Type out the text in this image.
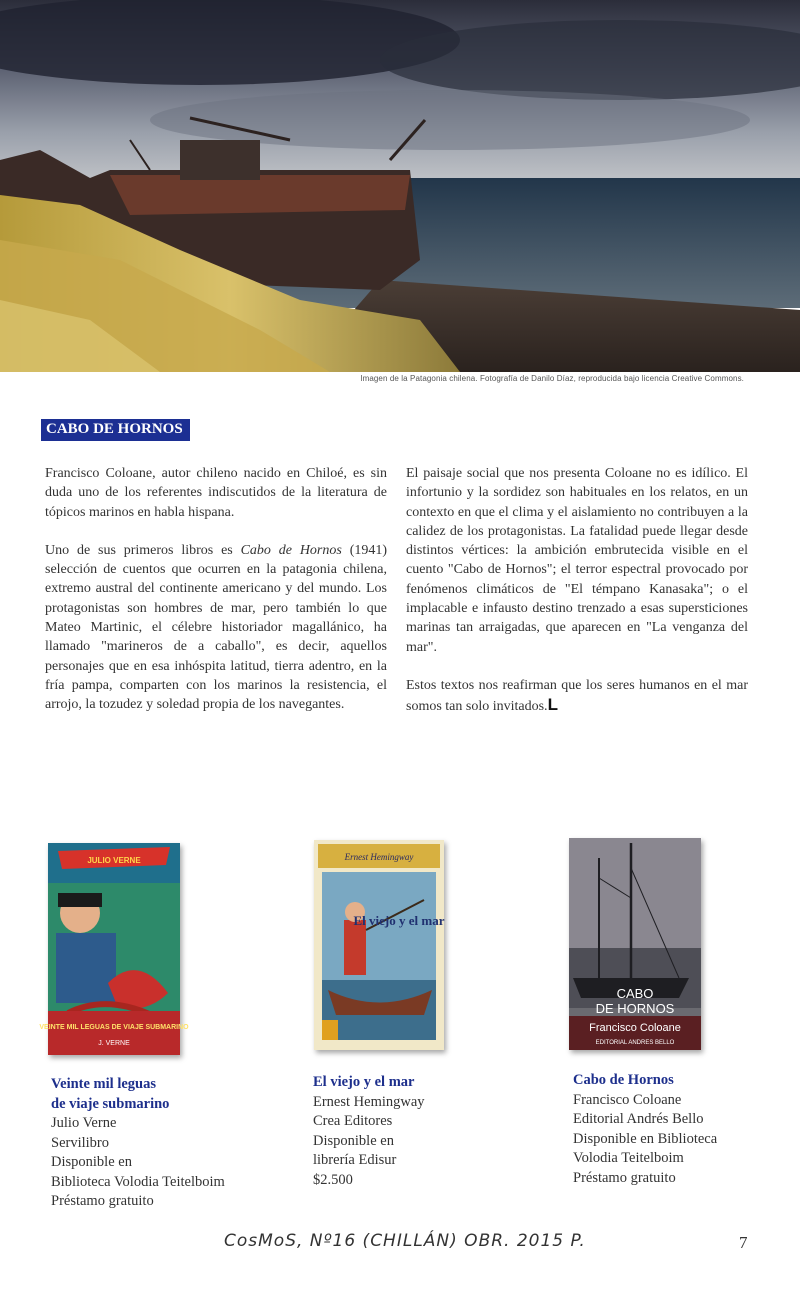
Imagen de la Patagonia chilena. Fotografía de Danilo Díaz, reproducida bajo licencia Creative Commons.
CABO DE HORNOS

Francisco Coloane, autor chileno nacido en Chiloé, es sin duda uno de los referentes indiscutidos de la literatura de tópicos marinos en habla hispana.

Uno de sus primeros libros es Cabo de Hornos (1941) selección de cuentos que ocurren en la patagonia chilena, extremo austral del continente americano y del mundo. Los protagonistas son hombres de mar, pero también lo que Mateo Martinic, el célebre historiador magallánico, ha llamado "marineros de a caballo", es decir, aquellos personajes que en esa inhóspita latitud, tierra adentro, en la fría pampa, comparten con los marinos la resistencia, el arrojo, la tozudez y soledad propia de los navegantes.

El paisaje social que nos presenta Coloane no es idílico. El infortunio y la sordidez son habituales en los relatos, en un contexto en que el clima y el aislamiento no contribuyen a la calidez de los protagonistas. La fatalidad puede llegar desde distintos vértices: la ambición embrutecida visible en el cuento "Cabo de Hornos"; el terror espectral provocado por fenómenos climáticos de "El témpano Kanasaka"; o el implacable e infausto destino trenzado a esas supersticiones marinas tan arraigadas, que aparecen en "La venganza del mar".

Estos textos nos reafirman que los seres humanos en el mar somos tan solo invitados.L

JULIO VERNE
VEINTE MIL LEGUAS DE VIAJE SUBMARINO
J. VERNE
Ernest Hemingway
El viejo y el mar
CABO
DE HORNOS
Francisco Coloane
EDITORIAL ANDRES BELLO
Veinte mil leguas
de viaje submarino
Julio Verne
Servilibro
Disponible en
Biblioteca Volodia Teitelboim
Préstamo gratuito
El viejo y el mar
Ernest Hemingway
Crea Editores
Disponible en
librería Edisur
$2.500
Cabo de Hornos
Francisco Coloane
Editorial Andrés Bello
Disponible en Biblioteca
Volodia Teitelboim
Préstamo gratuito
CosMoS, Nº16 (CHILLÁN) OBR. 2015 P.	7
